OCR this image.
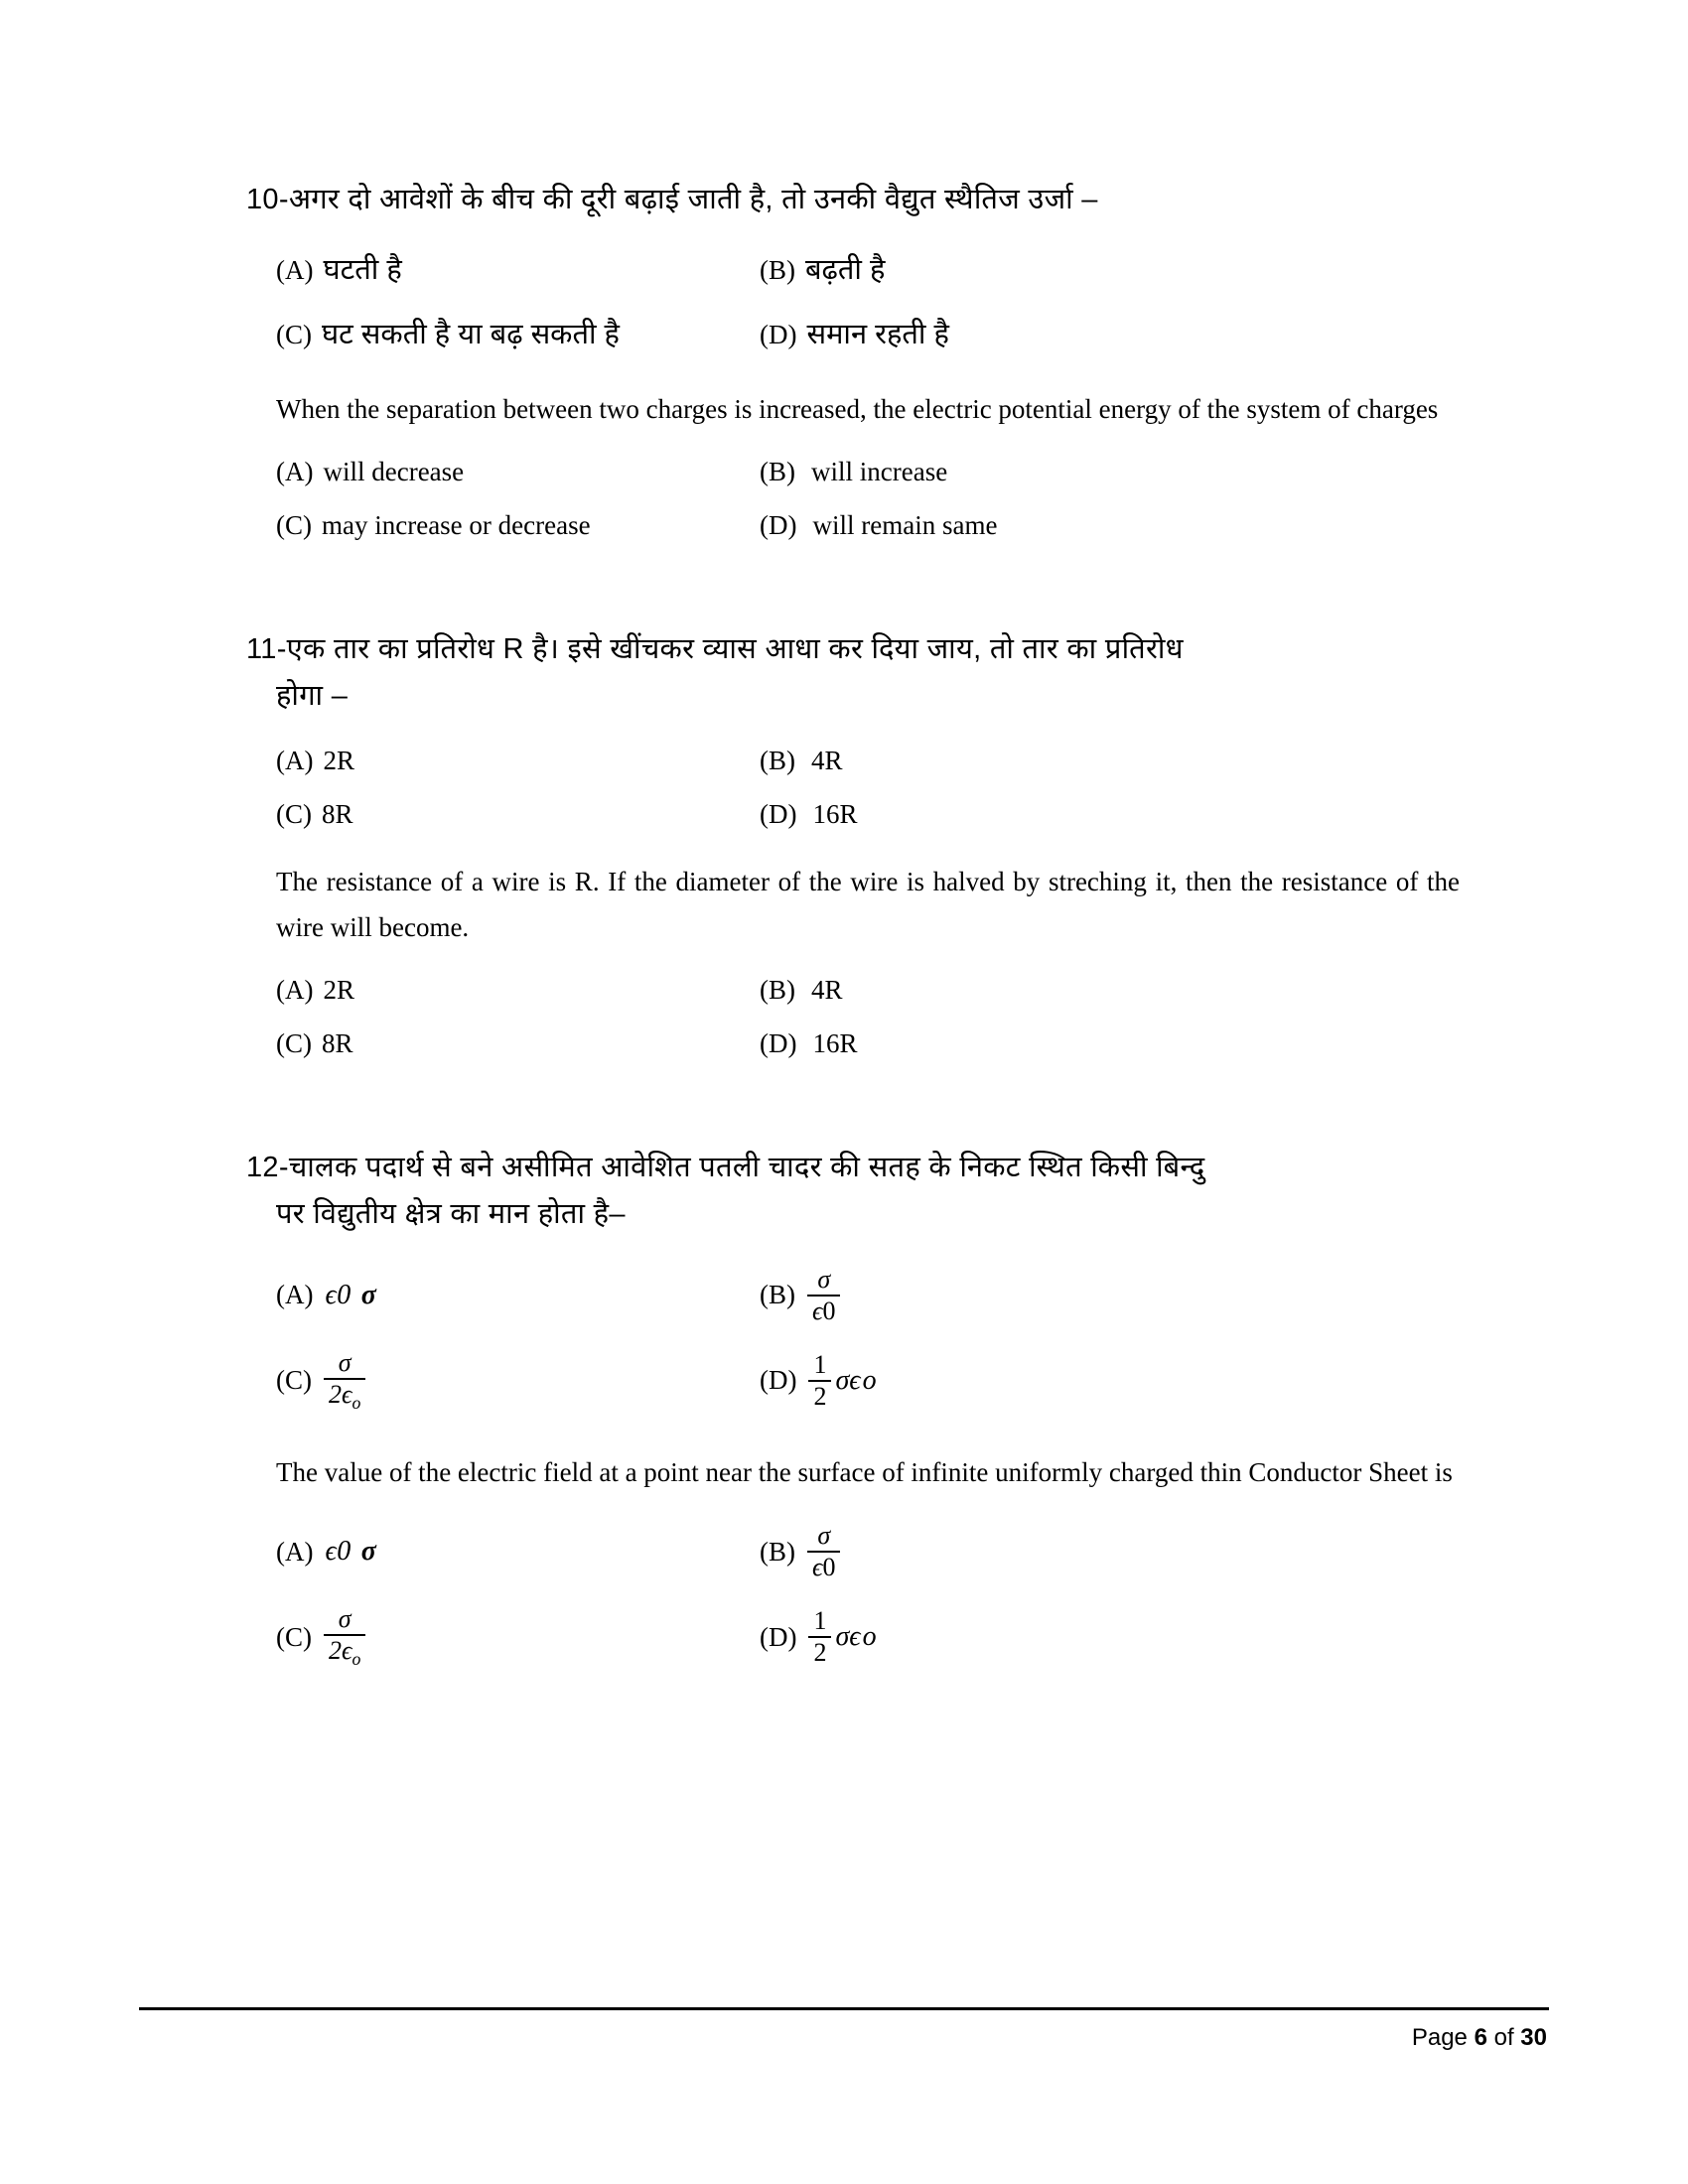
10- अगर दो आवेशों के बीच की दूरी बढ़ाई जाती है, तो उनकी वैद्युत स्थैतिज उर्जा –
(A) घटती है	(B) बढ़ती है
(C) घट सकती है या बढ़ सकती है	(D) समान रहती है
When the separation between two charges is increased, the electric potential energy of the system of charges
(A) will decrease	(B) will increase
(C) may increase or decrease	(D) will remain same
11- एक तार का प्रतिरोध R है। इसे खींचकर व्यास आधा कर दिया जाय, तो तार का प्रतिरोध
होगा –
(A) 2R	(B) 4R
(C) 8R	(D) 16R
The resistance of a wire is R. If the diameter of the wire is halved by streching it, then the resistance of the wire will become.
(A) 2R	(B) 4R
(C) 8R	(D) 16R
12- चालक पदार्थ से बने असीमित आवेशित पतली चादर की सतह के निकट स्थित किसी बिन्दु
पर विद्युतीय क्षेत्र का मान होता है–
(A) ϵ 0 σ	$(B) \frac{\sigma}{\epsilon 0}$
$(C) \frac{\sigma}{2\epsilon_o}$	$(D) \frac{1}{2}$ σϵ o
The value of the electric field at a point near the surface of infinite uniformly charged thin Conductor Sheet is
(A) ϵ 0 σ	$(B) \frac{\sigma}{\epsilon 0}$
$(C) \frac{\sigma}{2\epsilon_o}$	$(D) \frac{1}{2}$ σϵ o
Page 6 of 30
